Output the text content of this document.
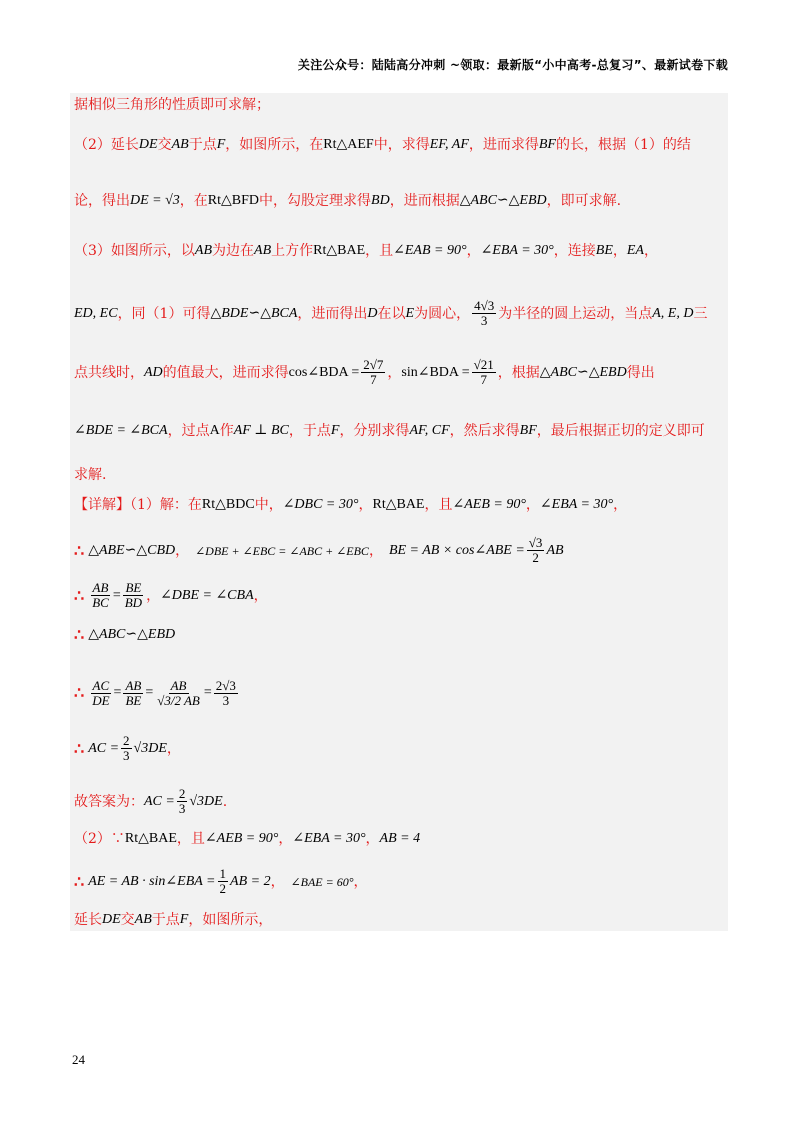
关注公众号：陆陆高分冲刺 ~领取：最新版“小中高考-总复习”、最新试卷下载
据相似三角形的性质即可求解；
（2）延长 DE 交 AB 于点 F ，如图所示，在 Rt△AEF 中，求得 EF, AF ，进而求得 BF 的长，根据（1）的结
论，得出 DE = √3 ，在 Rt△BFD 中，勾股定理求得 BD ，进而根据 △ABC∽△EBD ，即可求解.
（3）如图所示，以 AB 为边在 AB 上方作 Rt△BAE ，且 ∠EAB = 90° ， ∠EBA = 30° ，连接 BE ， EA ，
ED, EC ，同（1）可得 △BDE∽△BCA ，进而得出 D 在以 E 为圆心， $\frac{4√3}{3}$ 为半径的圆上运动，当点 A, E, D 三
点共线时， AD 的值最大，进而求得 cos∠BDA = $\frac{2√7}{7}$ ， sin∠BDA = $\frac{√21}{7}$ ，根据 △ABC∽△EBD 得出
∠BDE = ∠BCA ，过点 A 作 AF ⊥ BC ，于点 F ，分别求得 AF, CF ，然后求得 BF ，最后根据正切的定义即可
求解.
【详解】（1）解：在 Rt△BDC 中， ∠DBC = 30° ， Rt△BAE ，且 ∠AEB = 90° ， ∠EBA = 30° ，
∴ △ABE∽△CBD ， ∠DBE + ∠EBC = ∠ABC + ∠EBC ， BE = AB × cos∠ABE = $\frac{√3}{2}$ AB
∴ $\frac{AB}{BC} = \frac{BE}{BD}$ ， ∠DBE = ∠CBA ，
∴ △ABC∽△EBD
∴ $\frac{AC}{DE} = \frac{AB}{BE} = \frac{AB}{√3/2 AB} = \frac{2√3}{3}$
∴ AC = $\frac{2}{3} √3DE$ ，
故答案为： AC = $\frac{2}{3} √3DE$ .
（2）∵ Rt△BAE ，且 ∠AEB = 90° ， ∠EBA = 30° ， AB = 4
∴ AE = AB · sin∠EBA = $\frac{1}{2}$ AB = 2 ， ∠BAE = 60° ，
延长 DE 交 AB 于点 F ，如图所示，
24
